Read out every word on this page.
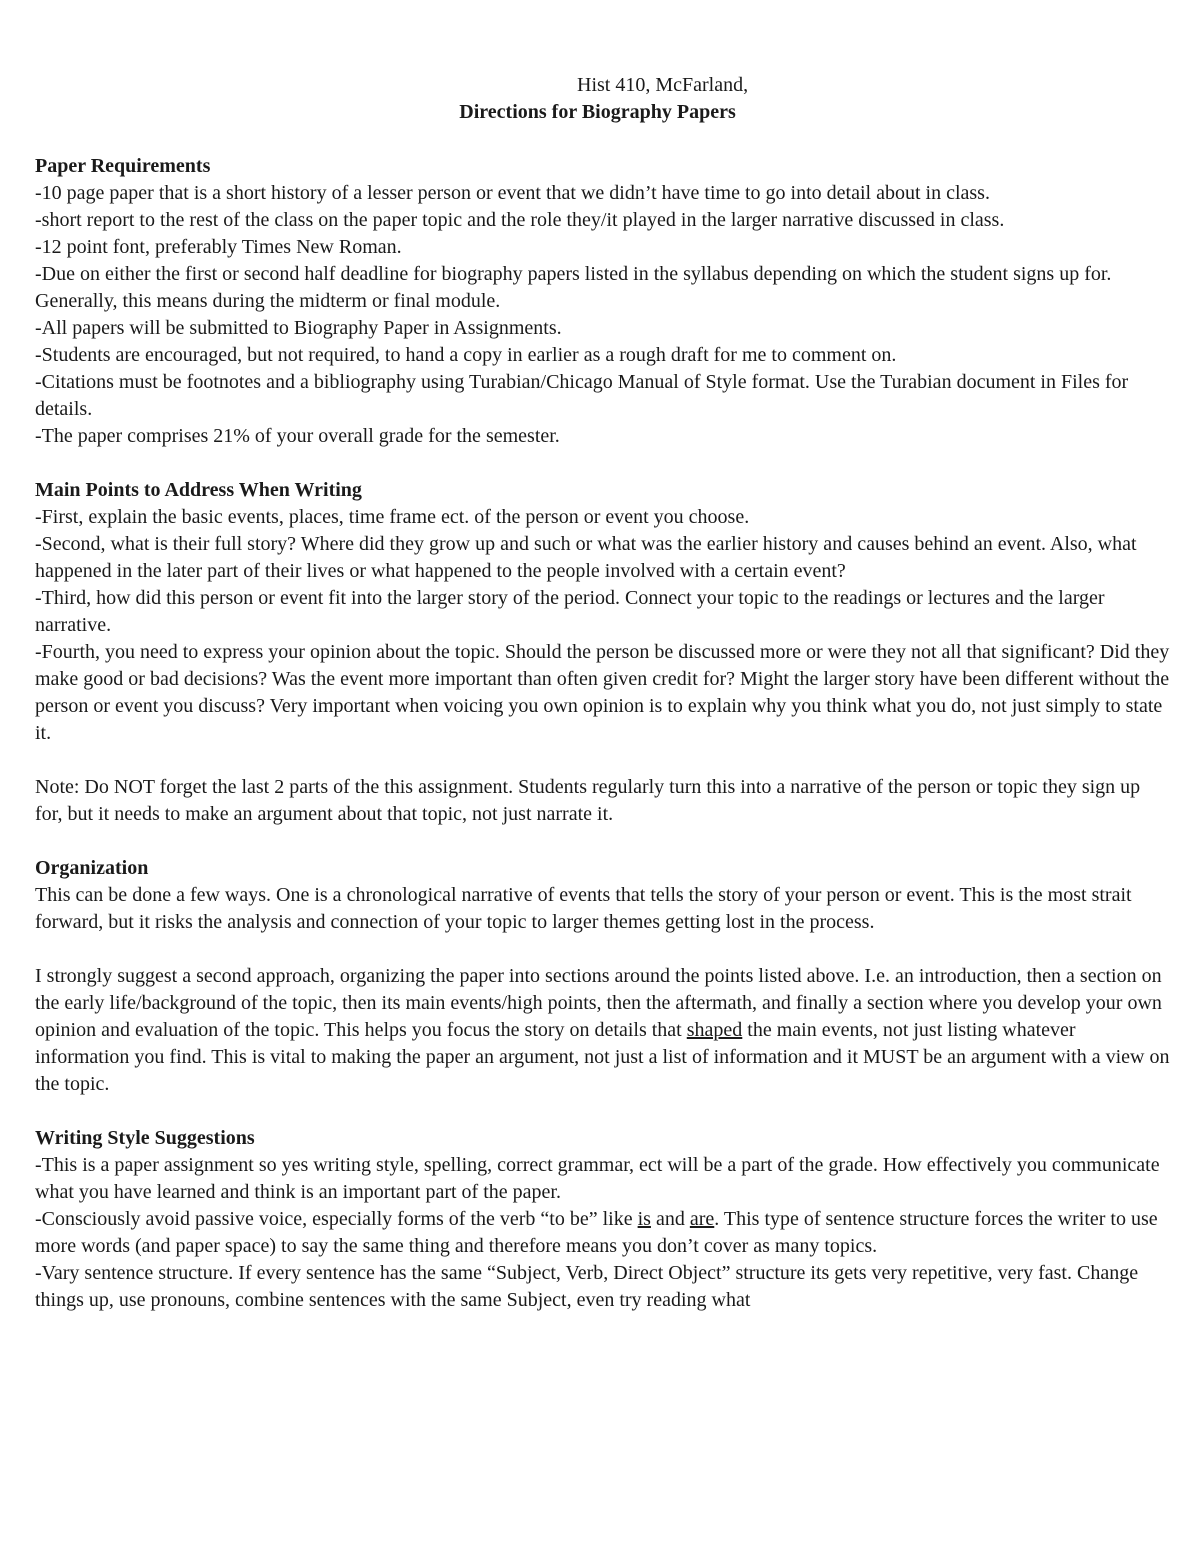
Hist 410, McFarland,
Directions for Biography Papers
Paper Requirements

-10 page paper that is a short history of a lesser person or event that we didn’t have time to go into detail about in class.

-short report to the rest of the class on the paper topic and the role they/it played in the larger narrative discussed in class.

-12 point font, preferably Times New Roman.

-Due on either the first or second half deadline for biography papers listed in the syllabus depending on which the student signs up for. Generally, this means during the midterm or final module.

-All papers will be submitted to Biography Paper in Assignments.

-Students are encouraged, but not required, to hand a copy in earlier as a rough draft for me to comment on.

-Citations must be footnotes and a bibliography using Turabian/Chicago Manual of Style format. Use the Turabian document in Files for details.

-The paper comprises 21% of your overall grade for the semester.

Main Points to Address When Writing

-First, explain the basic events, places, time frame ect. of the person or event you choose.

-Second, what is their full story? Where did they grow up and such or what was the earlier history and causes behind an event. Also, what happened in the later part of their lives or what happened to the people involved with a certain event?

-Third, how did this person or event fit into the larger story of the period. Connect your topic to the readings or lectures and the larger narrative.

-Fourth, you need to express your opinion about the topic. Should the person be discussed more or were they not all that significant? Did they make good or bad decisions? Was the event more important than often given credit for? Might the larger story have been different without the person or event you discuss? Very important when voicing you own opinion is to explain why you think what you do, not just simply to state it.

Note: Do NOT forget the last 2 parts of the this assignment. Students regularly turn this into a narrative of the person or topic they sign up for, but it needs to make an argument about that topic, not just narrate it.

Organization

This can be done a few ways. One is a chronological narrative of events that tells the story of your person or event. This is the most strait forward, but it risks the analysis and connection of your topic to larger themes getting lost in the process.

I strongly suggest a second approach, organizing the paper into sections around the points listed above. I.e. an introduction, then a section on the early life/background of the topic, then its main events/high points, then the aftermath, and finally a section where you develop your own opinion and evaluation of the topic. This helps you focus the story on details that shaped the main events, not just listing whatever information you find. This is vital to making the paper an argument, not just a list of information and it MUST be an argument with a view on the topic.

Writing Style Suggestions

-This is a paper assignment so yes writing style, spelling, correct grammar, ect will be a part of the grade. How effectively you communicate what you have learned and think is an important part of the paper.

-Consciously avoid passive voice, especially forms of the verb “to be” like is and are. This type of sentence structure forces the writer to use more words (and paper space) to say the same thing and therefore means you don’t cover as many topics.

-Vary sentence structure. If every sentence has the same “Subject, Verb, Direct Object” structure its gets very repetitive, very fast. Change things up, use pronouns, combine sentences with the same Subject, even try reading what
